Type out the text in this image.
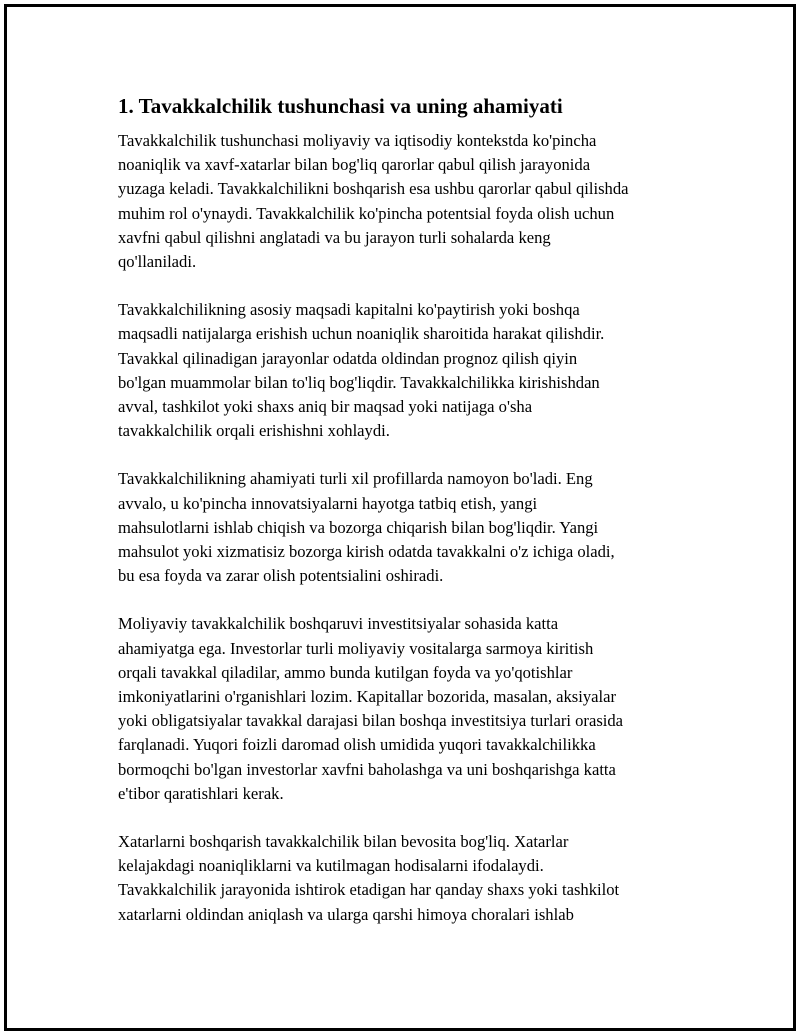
1. Tavakkalchilik tushunchasi va uning ahamiyati

Tavakkalchilik tushunchasi moliyaviy va iqtisodiy kontekstda ko'pincha
noaniqlik va xavf-xatarlar bilan bog'liq qarorlar qabul qilish jarayonida
yuzaga keladi. Tavakkalchilikni boshqarish esa ushbu qarorlar qabul qilishda
muhim rol o'ynaydi. Tavakkalchilik ko'pincha potentsial foyda olish uchun
xavfni qabul qilishni anglatadi va bu jarayon turli sohalarda keng
qo'llaniladi.

Tavakkalchilikning asosiy maqsadi kapitalni ko'paytirish yoki boshqa
maqsadli natijalarga erishish uchun noaniqlik sharoitida harakat qilishdir.
Tavakkal qilinadigan jarayonlar odatda oldindan prognoz qilish qiyin
bo'lgan muammolar bilan to'liq bog'liqdir. Tavakkalchilikka kirishishdan
avval, tashkilot yoki shaxs aniq bir maqsad yoki natijaga o'sha
tavakkalchilik orqali erishishni xohlaydi.

Tavakkalchilikning ahamiyati turli xil profillarda namoyon bo'ladi. Eng
avvalo, u ko'pincha innovatsiyalarni hayotga tatbiq etish, yangi
mahsulotlarni ishlab chiqish va bozorga chiqarish bilan bog'liqdir. Yangi
mahsulot yoki xizmatisiz bozorga kirish odatda tavakkalni o'z ichiga oladi,
bu esa foyda va zarar olish potentsialini oshiradi.

Moliyaviy tavakkalchilik boshqaruvi investitsiyalar sohasida katta
ahamiyatga ega. Investorlar turli moliyaviy vositalarga sarmoya kiritish
orqali tavakkal qiladilar, ammo bunda kutilgan foyda va yo'qotishlar
imkoniyatlarini o'rganishlari lozim. Kapitallar bozorida, masalan, aksiyalar
yoki obligatsiyalar tavakkal darajasi bilan boshqa investitsiya turlari orasida
farqlanadi. Yuqori foizli daromad olish umidida yuqori tavakkalchilikka
bormoqchi bo'lgan investorlar xavfni baholashga va uni boshqarishga katta
e'tibor qaratishlari kerak.

Xatarlarni boshqarish tavakkalchilik bilan bevosita bog'liq. Xatarlar
kelajakdagi noaniqliklarni va kutilmagan hodisalarni ifodalaydi.
Tavakkalchilik jarayonida ishtirok etadigan har qanday shaxs yoki tashkilot
xatarlarni oldindan aniqlash va ularga qarshi himoya choralari ishlab
